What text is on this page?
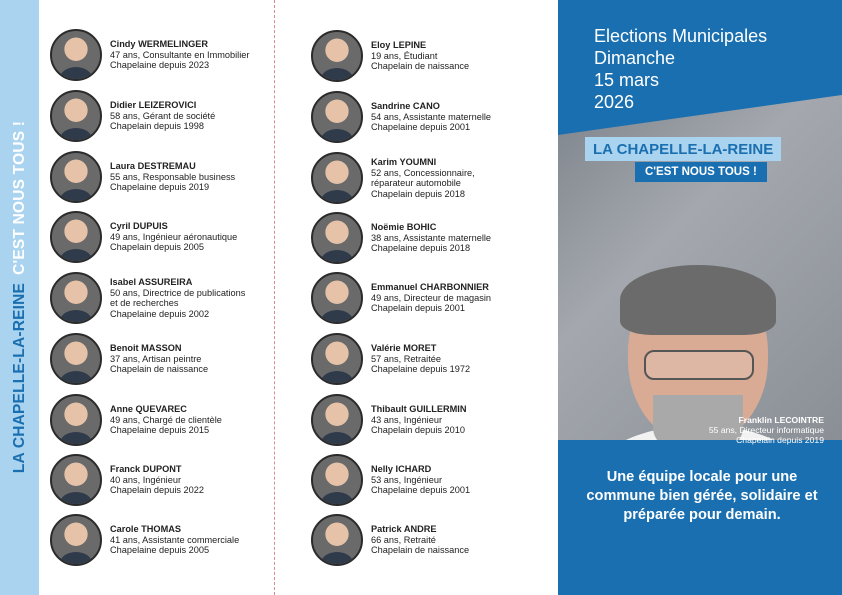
LA CHAPELLE-LA-REINEC'EST NOUS TOUS !
Cindy WERMELINGER
47 ans, Consultante en Immobilier
Chapelaine depuis 2023
Didier LEIZEROVICI
58 ans, Gérant de société
Chapelain depuis 1998
Laura DESTREMAU
55 ans, Responsable business
Chapelaine depuis 2019
Cyril DUPUIS
49 ans, Ingénieur aéronautique
Chapelain depuis 2005
Isabel ASSUREIRA
50 ans, Directrice de publications
et de recherches
Chapelaine depuis 2002
Benoit MASSON
37 ans, Artisan peintre
Chapelain de naissance
Anne QUEVAREC
49 ans, Chargé de clientèle
Chapelaine depuis 2015
Franck DUPONT
40 ans, Ingénieur
Chapelain depuis 2022
Carole THOMAS
41 ans, Assistante commerciale
Chapelaine depuis 2005
Eloy LEPINE
19 ans, Étudiant
Chapelain de naissance
Sandrine CANO
54 ans, Assistante maternelle
Chapelaine depuis 2001
Karim YOUMNI
52 ans, Concessionnaire,
réparateur automobile
Chapelain depuis 2018
Noëmie BOHIC
38 ans, Assistante maternelle
Chapelaine depuis 2018
Emmanuel CHARBONNIER
49 ans, Directeur de magasin
Chapelain depuis 2001
Valérie MORET
57 ans, Retraitée
Chapelaine depuis 1972
Thibault GUILLERMIN
43 ans, Ingénieur
Chapelain depuis 2010
Nelly ICHARD
53 ans, Ingénieur
Chapelaine depuis 2001
Patrick ANDRE
66 ans, Retraité
Chapelain de naissance
Elections Municipales
Dimanche
15 mars
2026
LA CHAPELLE-LA-REINE
C'EST NOUS TOUS !
Franklin LECOINTRE
55 ans, Directeur informatique
Chapelain depuis 2019
Une équipe locale pour une commune bien gérée, solidaire et préparée pour demain.
